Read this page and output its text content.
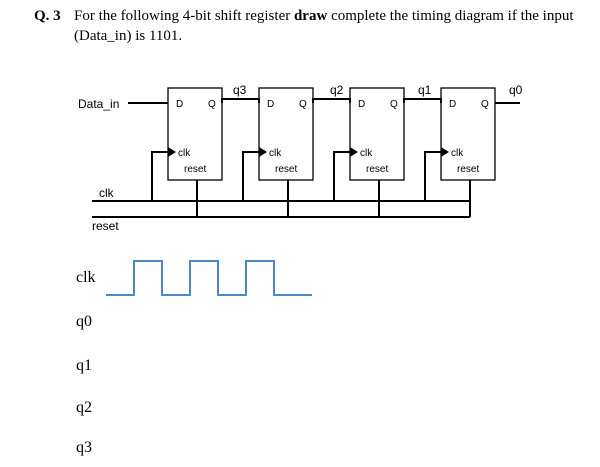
Q. 3 For the following 4-bit shift register draw complete the timing diagram if the input (Data_in) is 1101.
Data_in
clk
reset
D Q
clk
reset
D Q
clk
reset
D Q
clk
reset
D Q
clk
reset
q3	q2	q1	q0
clk
q0
q1
q2
q3
